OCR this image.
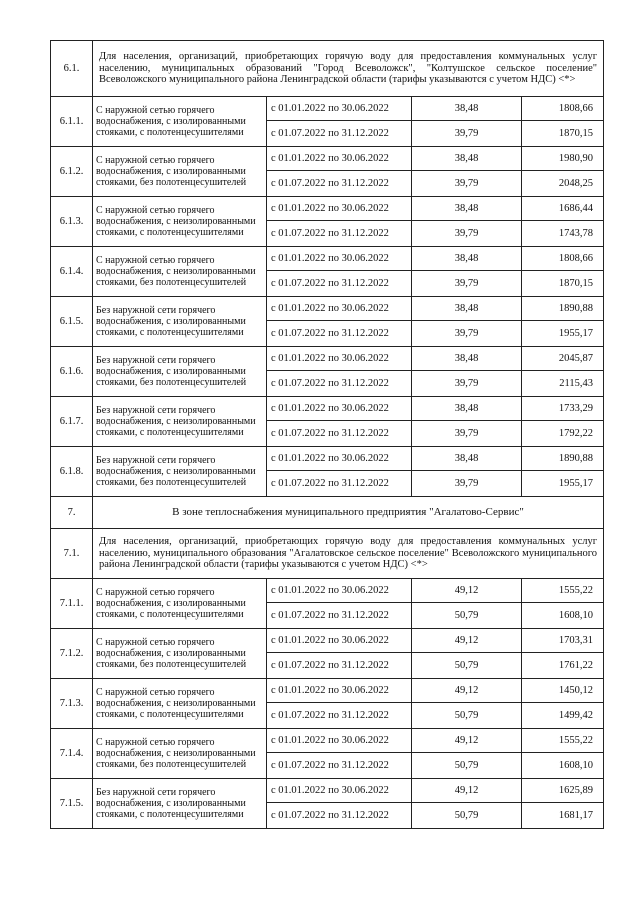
6.1.	Для населения, организаций, приобретающих горячую воду для предоставления коммунальных услуг населению, муниципальных образований "Город Всеволожск", "Колтушское сельское поселение" Всеволожского муниципального района Ленинградской области (тарифы указываются с учетом НДС) <*>			
6.1.1.	С наружной сетью горячего водоснабжения, с изолированными стояками, с полотенцесушителями	с 01.01.2022 по 30.06.2022	38,48	1808,66
		с 01.07.2022 по 31.12.2022	39,79	1870,15
6.1.2.	С наружной сетью горячего водоснабжения, с изолированными стояками, без полотенцесушителей	с 01.01.2022 по 30.06.2022	38,48	1980,90
		с 01.07.2022 по 31.12.2022	39,79	2048,25
6.1.3.	С наружной сетью горячего водоснабжения, с неизолированными стояками, с полотенцесушителями	с 01.01.2022 по 30.06.2022	38,48	1686,44
		с 01.07.2022 по 31.12.2022	39,79	1743,78
6.1.4.	С наружной сетью горячего водоснабжения, с неизолированными стояками, без полотенцесушителей	с 01.01.2022 по 30.06.2022	38,48	1808,66
		с 01.07.2022 по 31.12.2022	39,79	1870,15
6.1.5.	Без наружной сети горячего водоснабжения, с изолированными стояками, с полотенцесушителями	с 01.01.2022 по 30.06.2022	38,48	1890,88
		с 01.07.2022 по 31.12.2022	39,79	1955,17
6.1.6.	Без наружной сети горячего водоснабжения, с изолированными стояками, без полотенцесушителей	с 01.01.2022 по 30.06.2022	38,48	2045,87
		с 01.07.2022 по 31.12.2022	39,79	2115,43
6.1.7.	Без наружной сети горячего водоснабжения, с неизолированными стояками, с полотенцесушителями	с 01.01.2022 по 30.06.2022	38,48	1733,29
		с 01.07.2022 по 31.12.2022	39,79	1792,22
6.1.8.	Без наружной сети горячего водоснабжения, с неизолированными стояками, без полотенцесушителей	с 01.01.2022 по 30.06.2022	38,48	1890,88
		с 01.07.2022 по 31.12.2022	39,79	1955,17
7.	В зоне теплоснабжения муниципального предприятия "Агалатово-Сервис"			
7.1.	Для населения, организаций, приобретающих горячую воду для предоставления коммунальных услуг населению, муниципального образования "Агалатовское сельское поселение" Всеволожского муниципального района Ленинградской области (тарифы указываются с учетом НДС) <*>			
7.1.1.	С наружной сетью горячего водоснабжения, с изолированными стояками, с полотенцесушителями	с 01.01.2022 по 30.06.2022	49,12	1555,22
		с 01.07.2022 по 31.12.2022	50,79	1608,10
7.1.2.	С наружной сетью горячего водоснабжения, с изолированными стояками, без полотенцесушителей	с 01.01.2022 по 30.06.2022	49,12	1703,31
		с 01.07.2022 по 31.12.2022	50,79	1761,22
7.1.3.	С наружной сетью горячего водоснабжения, с неизолированными стояками, с полотенцесушителями	с 01.01.2022 по 30.06.2022	49,12	1450,12
		с 01.07.2022 по 31.12.2022	50,79	1499,42
7.1.4.	С наружной сетью горячего водоснабжения, с неизолированными стояками, без полотенцесушителей	с 01.01.2022 по 30.06.2022	49,12	1555,22
		с 01.07.2022 по 31.12.2022	50,79	1608,10
7.1.5.	Без наружной сети горячего водоснабжения, с изолированными стояками, с полотенцесушителями	с 01.01.2022 по 30.06.2022	49,12	1625,89
		с 01.07.2022 по 31.12.2022	50,79	1681,17
